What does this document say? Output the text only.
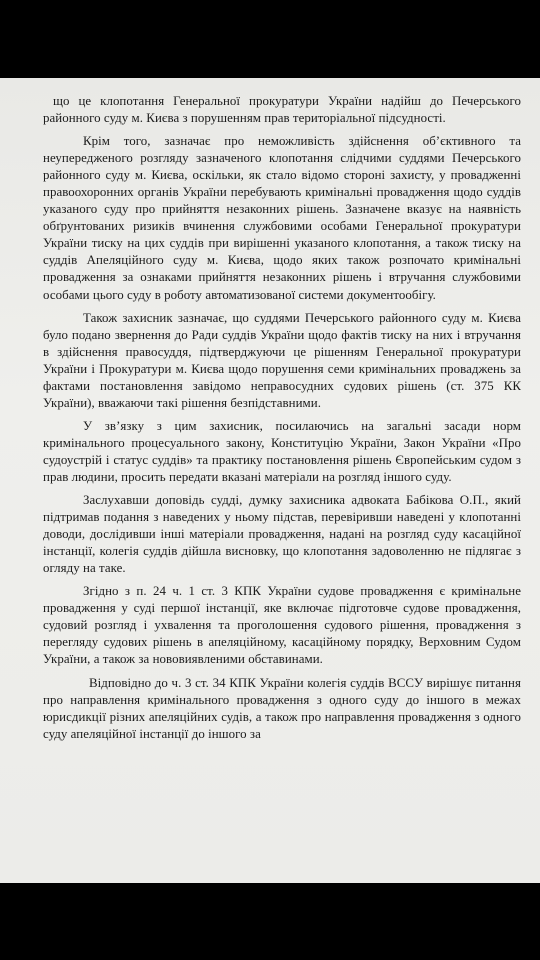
що це клопотання Генеральної прокуратури України надійш до Печерського районного суду м. Києва з порушенням прав територіальної підсудності.

Крім того, зазначає про неможливість здійснення об’єктивного та неупередженого розгляду зазначеного клопотання слідчими суддями Печерського районного суду м. Києва, оскільки, як стало відомо стороні захисту, у провадженні правоохоронних органів України перебувають кримінальні провадження щодо суддів указаного суду про прийняття незаконних рішень. Зазначене вказує на наявність обґрунтованих ризиків вчинення службовими особами Генеральної прокуратури України тиску на цих суддів при вирішенні указаного клопотання, а також тиску на суддів Апеляційного суду м. Києва, щодо яких також розпочато кримінальні провадження за ознаками прийняття незаконних рішень і втручання службовими особами цього суду в роботу автоматизованої системи документообігу.

Також захисник зазначає, що суддями Печерського районного суду м. Києва було подано звернення до Ради суддів України щодо фактів тиску на них і втручання в здійснення правосуддя, підтверджуючи це рішенням Генеральної прокуратури України і Прокуратури м. Києва щодо порушення семи кримінальних проваджень за фактами постановлення завідомо неправосудних судових рішень (ст. 375 КК України), вважаючи такі рішення безпідставними.

У зв’язку з цим захисник, посилаючись на загальні засади норм кримінального процесуального закону, Конституцію України, Закон України «Про судоустрій і статус суддів» та практику постановлення рішень Європейським судом з прав людини, просить передати вказані матеріали на розгляд іншого суду.

Заслухавши доповідь судді, думку захисника адвоката Бабікова О.П., який підтримав подання з наведених у ньому підстав, перевіривши наведені у клопотанні доводи, дослідивши інші матеріали провадження, надані на розгляд суду касаційної інстанції, колегія суддів дійшла висновку, що клопотання задоволенню не підлягає з огляду на таке.

Згідно з п. 24 ч. 1 ст. 3 КПК України судове провадження є кримінальне провадження у суді першої інстанції, яке включає підготовче судове провадження, судовий розгляд і ухвалення та проголошення судового рішення, провадження з перегляду судових рішень в апеляційному, касаційному порядку, Верховним Судом України, а також за нововиявленими обставинами.

Відповідно до ч. 3 ст. 34 КПК України колегія суддів ВССУ вирішує питання про направлення кримінального провадження з одного суду до іншого в межах юрисдикції різних апеляційних судів, а також про направлення провадження з одного суду апеляційної інстанції до іншого за
